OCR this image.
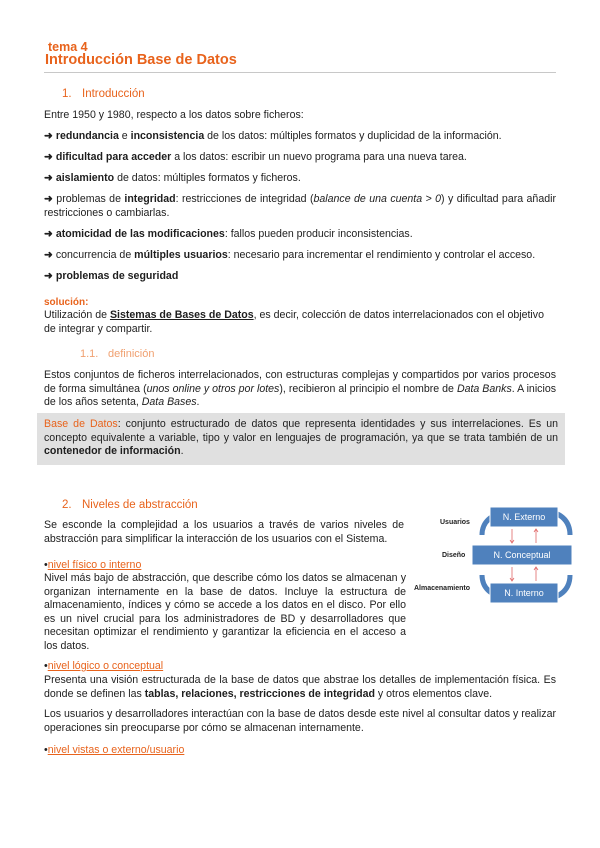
tema 4
Introducción Base de Datos
1. Introducción

Entre 1950 y 1980, respecto a los datos sobre ficheros:

➜ redundancia e inconsistencia de los datos: múltiples formatos y duplicidad de la información.

➜ dificultad para acceder a los datos: escribir un nuevo programa para una nueva tarea.

➜ aislamiento de datos: múltiples formatos y ficheros.

➜ problemas de integridad: restricciones de integridad (balance de una cuenta > 0) y dificultad para añadir restricciones o cambiarlas.

➜ atomicidad de las modificaciones: fallos pueden producir inconsistencias.

➜ concurrencia de múltiples usuarios: necesario para incrementar el rendimiento y controlar el acceso.

➜ problemas de seguridad

solución:

Utilización de Sistemas de Bases de Datos, es decir, colección de datos interrelacionados con el objetivo de integrar y compartir.

1.1. definición

Estos conjuntos de ficheros interrelacionados, con estructuras complejas y compartidos por varios procesos de forma simultánea (unos online y otros por lotes), recibieron al principio el nombre de Data Banks. A inicios de los años setenta, Data Bases.

Base de Datos: conjunto estructurado de datos que representa identidades y sus interrelaciones. Es un concepto equivalente a variable, tipo y valor en lenguajes de programación, ya que se trata también de un contenedor de información.

2. Niveles de abstracción

Se esconde la complejidad a los usuarios a través de varios niveles de abstracción para simplificar la interacción de los usuarios con el Sistema.

•nivel físico o interno

Nivel más bajo de abstracción, que describe cómo los datos se almacenan y organizan internamente en la base de datos. Incluye la estructura de almacenamiento, índices y cómo se accede a los datos en el disco. Por ello es un nivel crucial para los administradores de BD y desarrolladores que necesitan optimizar el rendimiento y garantizar la eficiencia en el acceso a los datos.

•nivel lógico o conceptual

Presenta una visión estructurada de la base de datos que abstrae los detalles de implementación física. Es donde se definen las tablas, relaciones, restricciones de integridad y otros elementos clave.

Los usuarios y desarrolladores interactúan con la base de datos desde este nivel al consultar datos y realizar operaciones sin preocuparse por cómo se almacenan internamente.

•nivel vistas o externo/usuario

N. Externo
N. Conceptual
N. Interno
Usuarios
Diseño
Almacenamiento
